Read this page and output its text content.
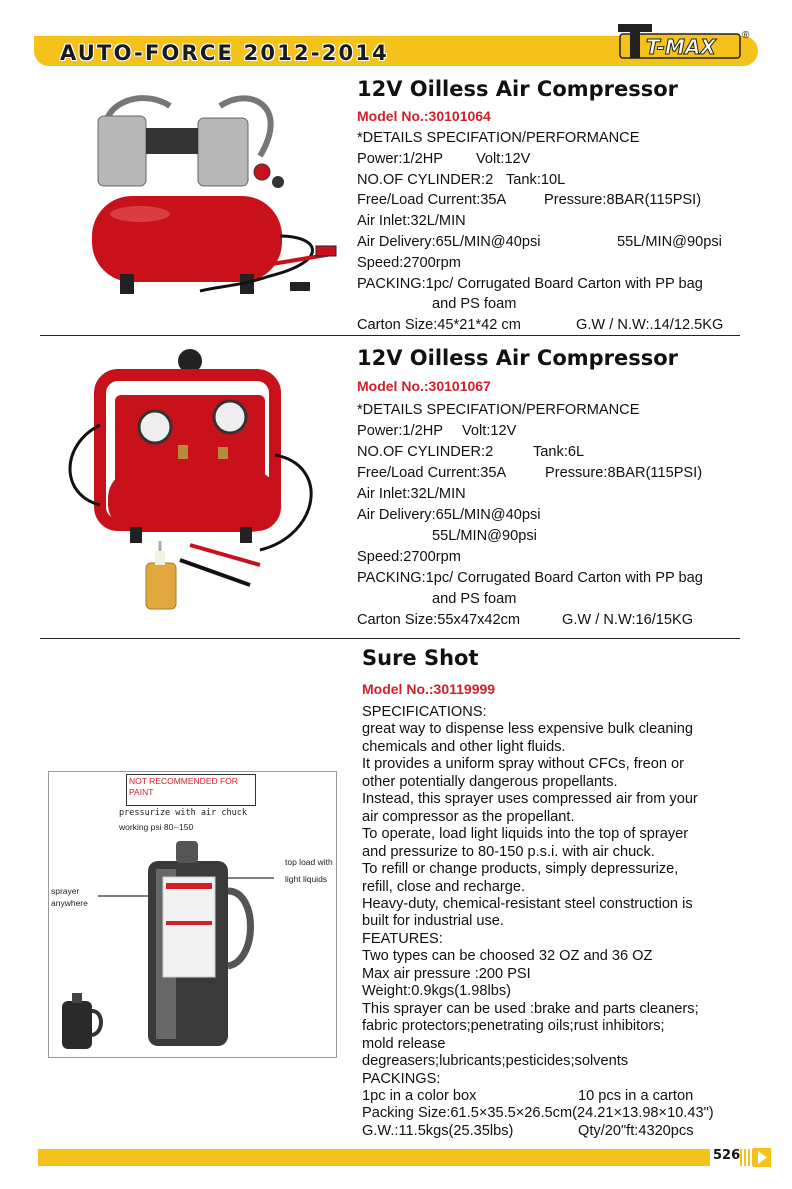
AUTO-FORCE 2012-2014	T-MAX	®
12V Oilless Air Compressor
Model No.:30101064
*DETAILS SPECIFATION/PERFORMANCE
Power:1/2HP Volt:12V
NO.OF CYLINDER:2 Tank:10L
Free/Load Current:35A	Pressure:8BAR(115PSI)
Air Inlet:32L/MIN
Air Delivery:65L/MIN@40psi	55L/MIN@90psi
Speed:2700rpm
PACKING:1pc/ Corrugated Board Carton with PP bag
and PS foam
Carton Size:45*21*42 cm	G.W / N.W:.14/12.5KG
12V Oilless Air Compressor
Model No.:30101067
*DETAILS SPECIFATION/PERFORMANCE
Power:1/2HP Volt:12V
NO.OF CYLINDER:2	Tank:6L
Free/Load Current:35A	Pressure:8BAR(115PSI)
Air Inlet:32L/MIN
Air Delivery:65L/MIN@40psi
55L/MIN@90psi
Speed:2700rpm
PACKING:1pc/ Corrugated Board Carton with PP bag
and PS foam
Carton Size:55x47x42cm	G.W / N.W:16/15KG
NOT RECOMMENDED FOR
PAINT
pressurize with air chuck
working psi 80--150
top load with
light liquids
sprayer
anywhere
Sure Shot
Model No.:30119999
SPECIFICATIONS:
great way to dispense less expensive bulk cleaning
chemicals and other light fluids.
It provides a uniform spray without CFCs, freon or
other potentially dangerous propellants.
Instead, this sprayer uses compressed air from your
air compressor as the propellant.
To operate, load light liquids into the top of sprayer
and pressurize to 80-150 p.s.i. with air chuck.
To refill or change products, simply depressurize,
refill, close and recharge.
Heavy-duty, chemical-resistant steel construction is
built for industrial use.
FEATURES:
Two types can be choosed 32 OZ and 36 OZ
Max air pressure :200 PSI
Weight:0.9kgs(1.98lbs)
This sprayer can be used :brake and parts cleaners;
fabric protectors;penetrating oils;rust inhibitors;
mold release
degreasers;lubricants;pesticides;solvents
PACKINGS:
1pc in a color box	10 pcs in a carton
Packing Size:61.5×35.5×26.5cm(24.21×13.98×10.43")
G.W.:11.5kgs(25.35lbs)	Qty/20"ft:4320pcs
526
